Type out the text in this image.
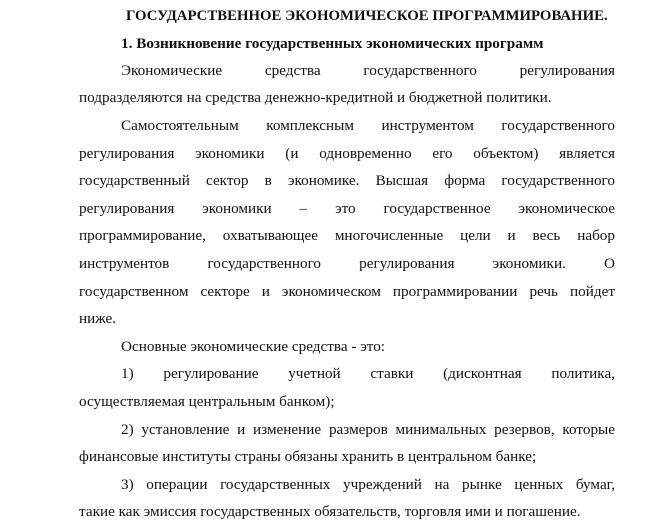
ГОСУДАРСТВЕННОЕ ЭКОНОМИЧЕСКОЕ ПРОГРАММИРОВАНИЕ.
1. Возникновение государственных экономических программ
Экономические средства государственного регулирования
подразделяются на средства денежно-кредитной и бюджетной политики.
Самостоятельным комплексным инструментом государственного
регулирования экономики (и одновременно его объектом) является
государственный сектор в экономике. Высшая форма государственного
регулирования экономики – это государственное экономическое
программирование, охватывающее многочисленные цели и весь набор
инструментов государственного регулирования экономики. О
государственном секторе и экономическом программировании речь пойдет
ниже.
Основные экономические средства - это:
1) регулирование учетной ставки (дисконтная политика,
осуществляемая центральным банком);
2) установление и изменение размеров минимальных резервов, которые
финансовые институты страны обязаны хранить в центральном банке;
3) операции государственных учреждений на рынке ценных бумаг,
такие как эмиссия государственных обязательств, торговля ими и погашение.
